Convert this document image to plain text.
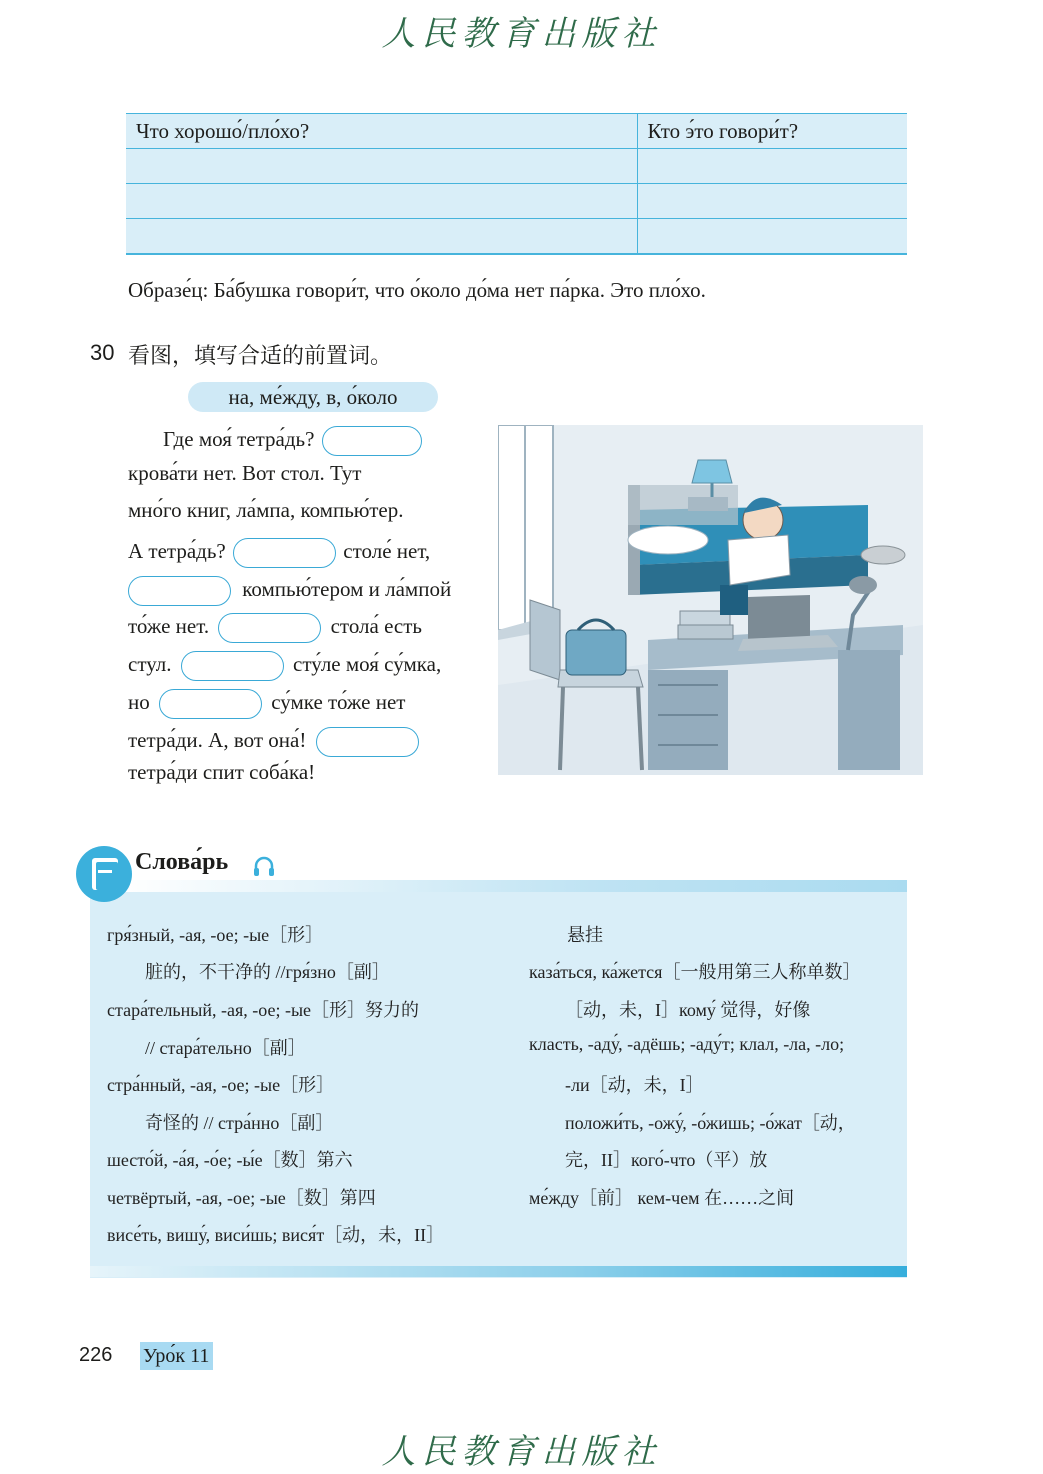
人民教育出版社
Что хорошо́/пло́хо?	Кто э́то говори́т?

Образе́ц: Ба́бушка говори́т, что о́коло до́ма нет па́рка. Это пло́хо.
30 看图，填写合适的前置词。
на, ме́жду, в, о́коло
Где моя́ тетра́дь?
крова́ти нет. Вот стол. Тут
мно́го книг, ла́мпа, компью́тер.
А тетра́дь?	столе́ нет,
компью́тером и ла́мпой
то́же нет.	стола́ есть
стул.	сту́ле моя́ су́мка,
но	су́мке то́же нет
тетра́ди. А, вот она́!
тетра́ди спит соба́ка!
Слова́рь
гря́зный, -ая, -ое; -ые［形］
脏的，不干净的 //гря́зно［副］
стара́тельный, -ая, -ое; -ые［形］努力的
// стара́тельно［副］
стра́нный, -ая, -ое; -ые［形］
奇怪的 // стра́нно［副］
шесто́й, -а́я, -о́е; -ы́е［数］第六
четвёртый, -ая, -ое; -ые［数］第四
висе́ть, вишу́, виси́шь; вися́т［动，未，II］
悬挂
каза́ться, ка́жется［一般用第三人称单数］
［动，未，I］кому́ 觉得，好像
класть, -аду́, -адёшь; -аду́т; клал, -ла, -ло;
-ли［动，未，I］
положи́ть, -ожу́, -о́жишь; -о́жат［动，
完，II］кого́-что（平）放
ме́жду［前］ кем-чем 在……之间
226 Уро́к 11
人民教育出版社
